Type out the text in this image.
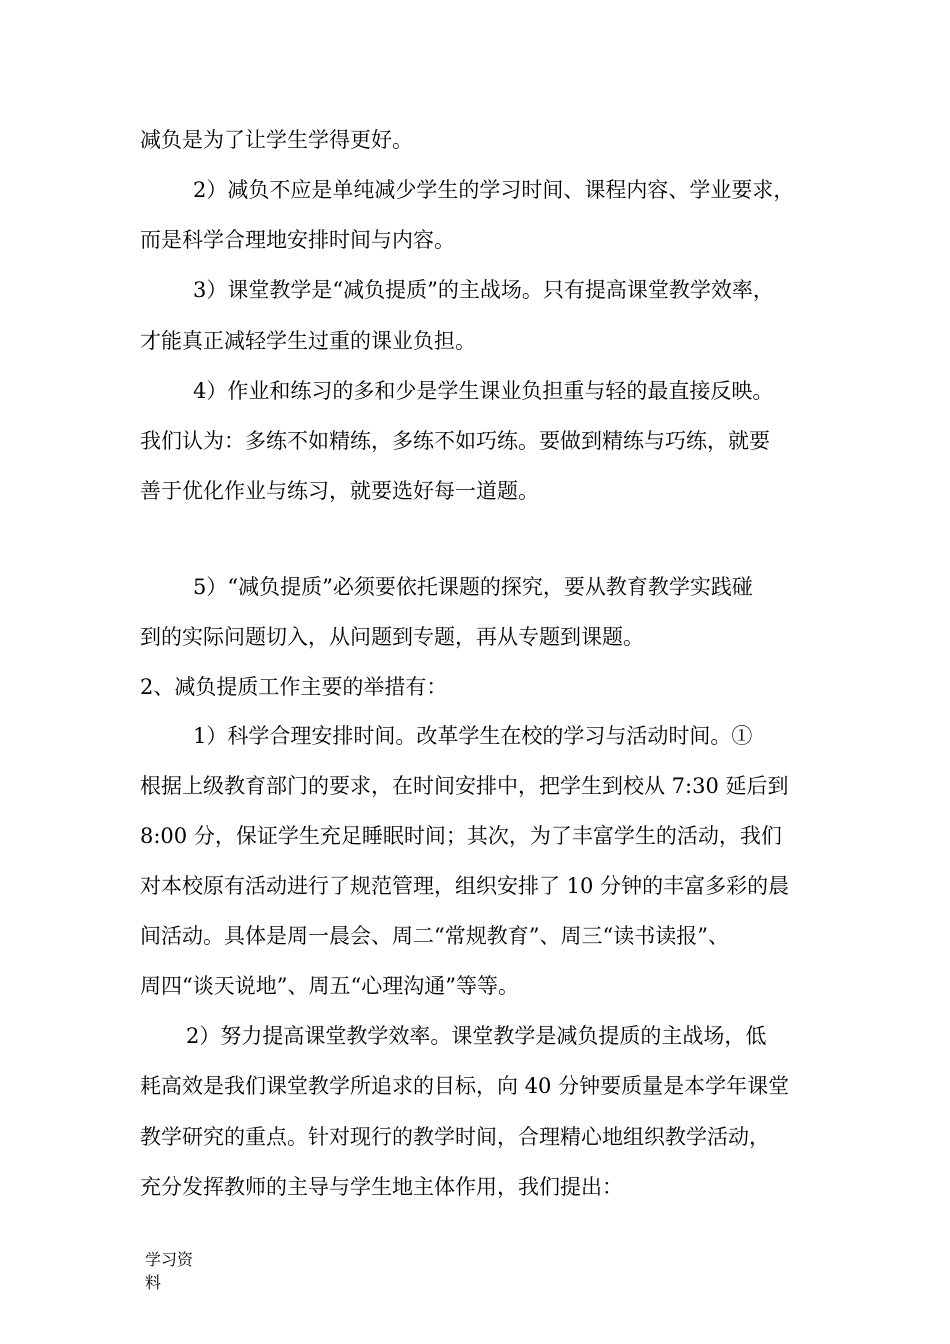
减负是为了让学生学得更好。
2）减负不应是单纯减少学生的学习时间、课程内容、学业要求，
而是科学合理地安排时间与内容。
3）课堂教学是“减负提质”的主战场。只有提高课堂教学效率，
才能真正减轻学生过重的课业负担。
4）作业和练习的多和少是学生课业负担重与轻的最直接反映。
我们认为：多练不如精练，多练不如巧练。要做到精练与巧练，就要
善于优化作业与练习，就要选好每一道题。
5）“减负提质”必须要依托课题的探究，要从教育教学实践碰
到的实际问题切入，从问题到专题，再从专题到课题。
2、减负提质工作主要的举措有：
1）科学合理安排时间。改革学生在校的学习与活动时间。①
根据上级教育部门的要求，在时间安排中，把学生到校从 7:30 延后到
8:00 分，保证学生充足睡眠时间；其次，为了丰富学生的活动，我们
对本校原有活动进行了规范管理，组织安排了 10 分钟的丰富多彩的晨
间活动。具体是周一晨会、周二“常规教育”、周三“读书读报”、
周四“谈天说地”、周五“心理沟通”等等。
2）努力提高课堂教学效率。课堂教学是减负提质的主战场，低
耗高效是我们课堂教学所追求的目标，向 40 分钟要质量是本学年课堂
教学研究的重点。针对现行的教学时间，合理精心地组织教学活动，
充分发挥教师的主导与学生地主体作用，我们提出：
学习资
料
